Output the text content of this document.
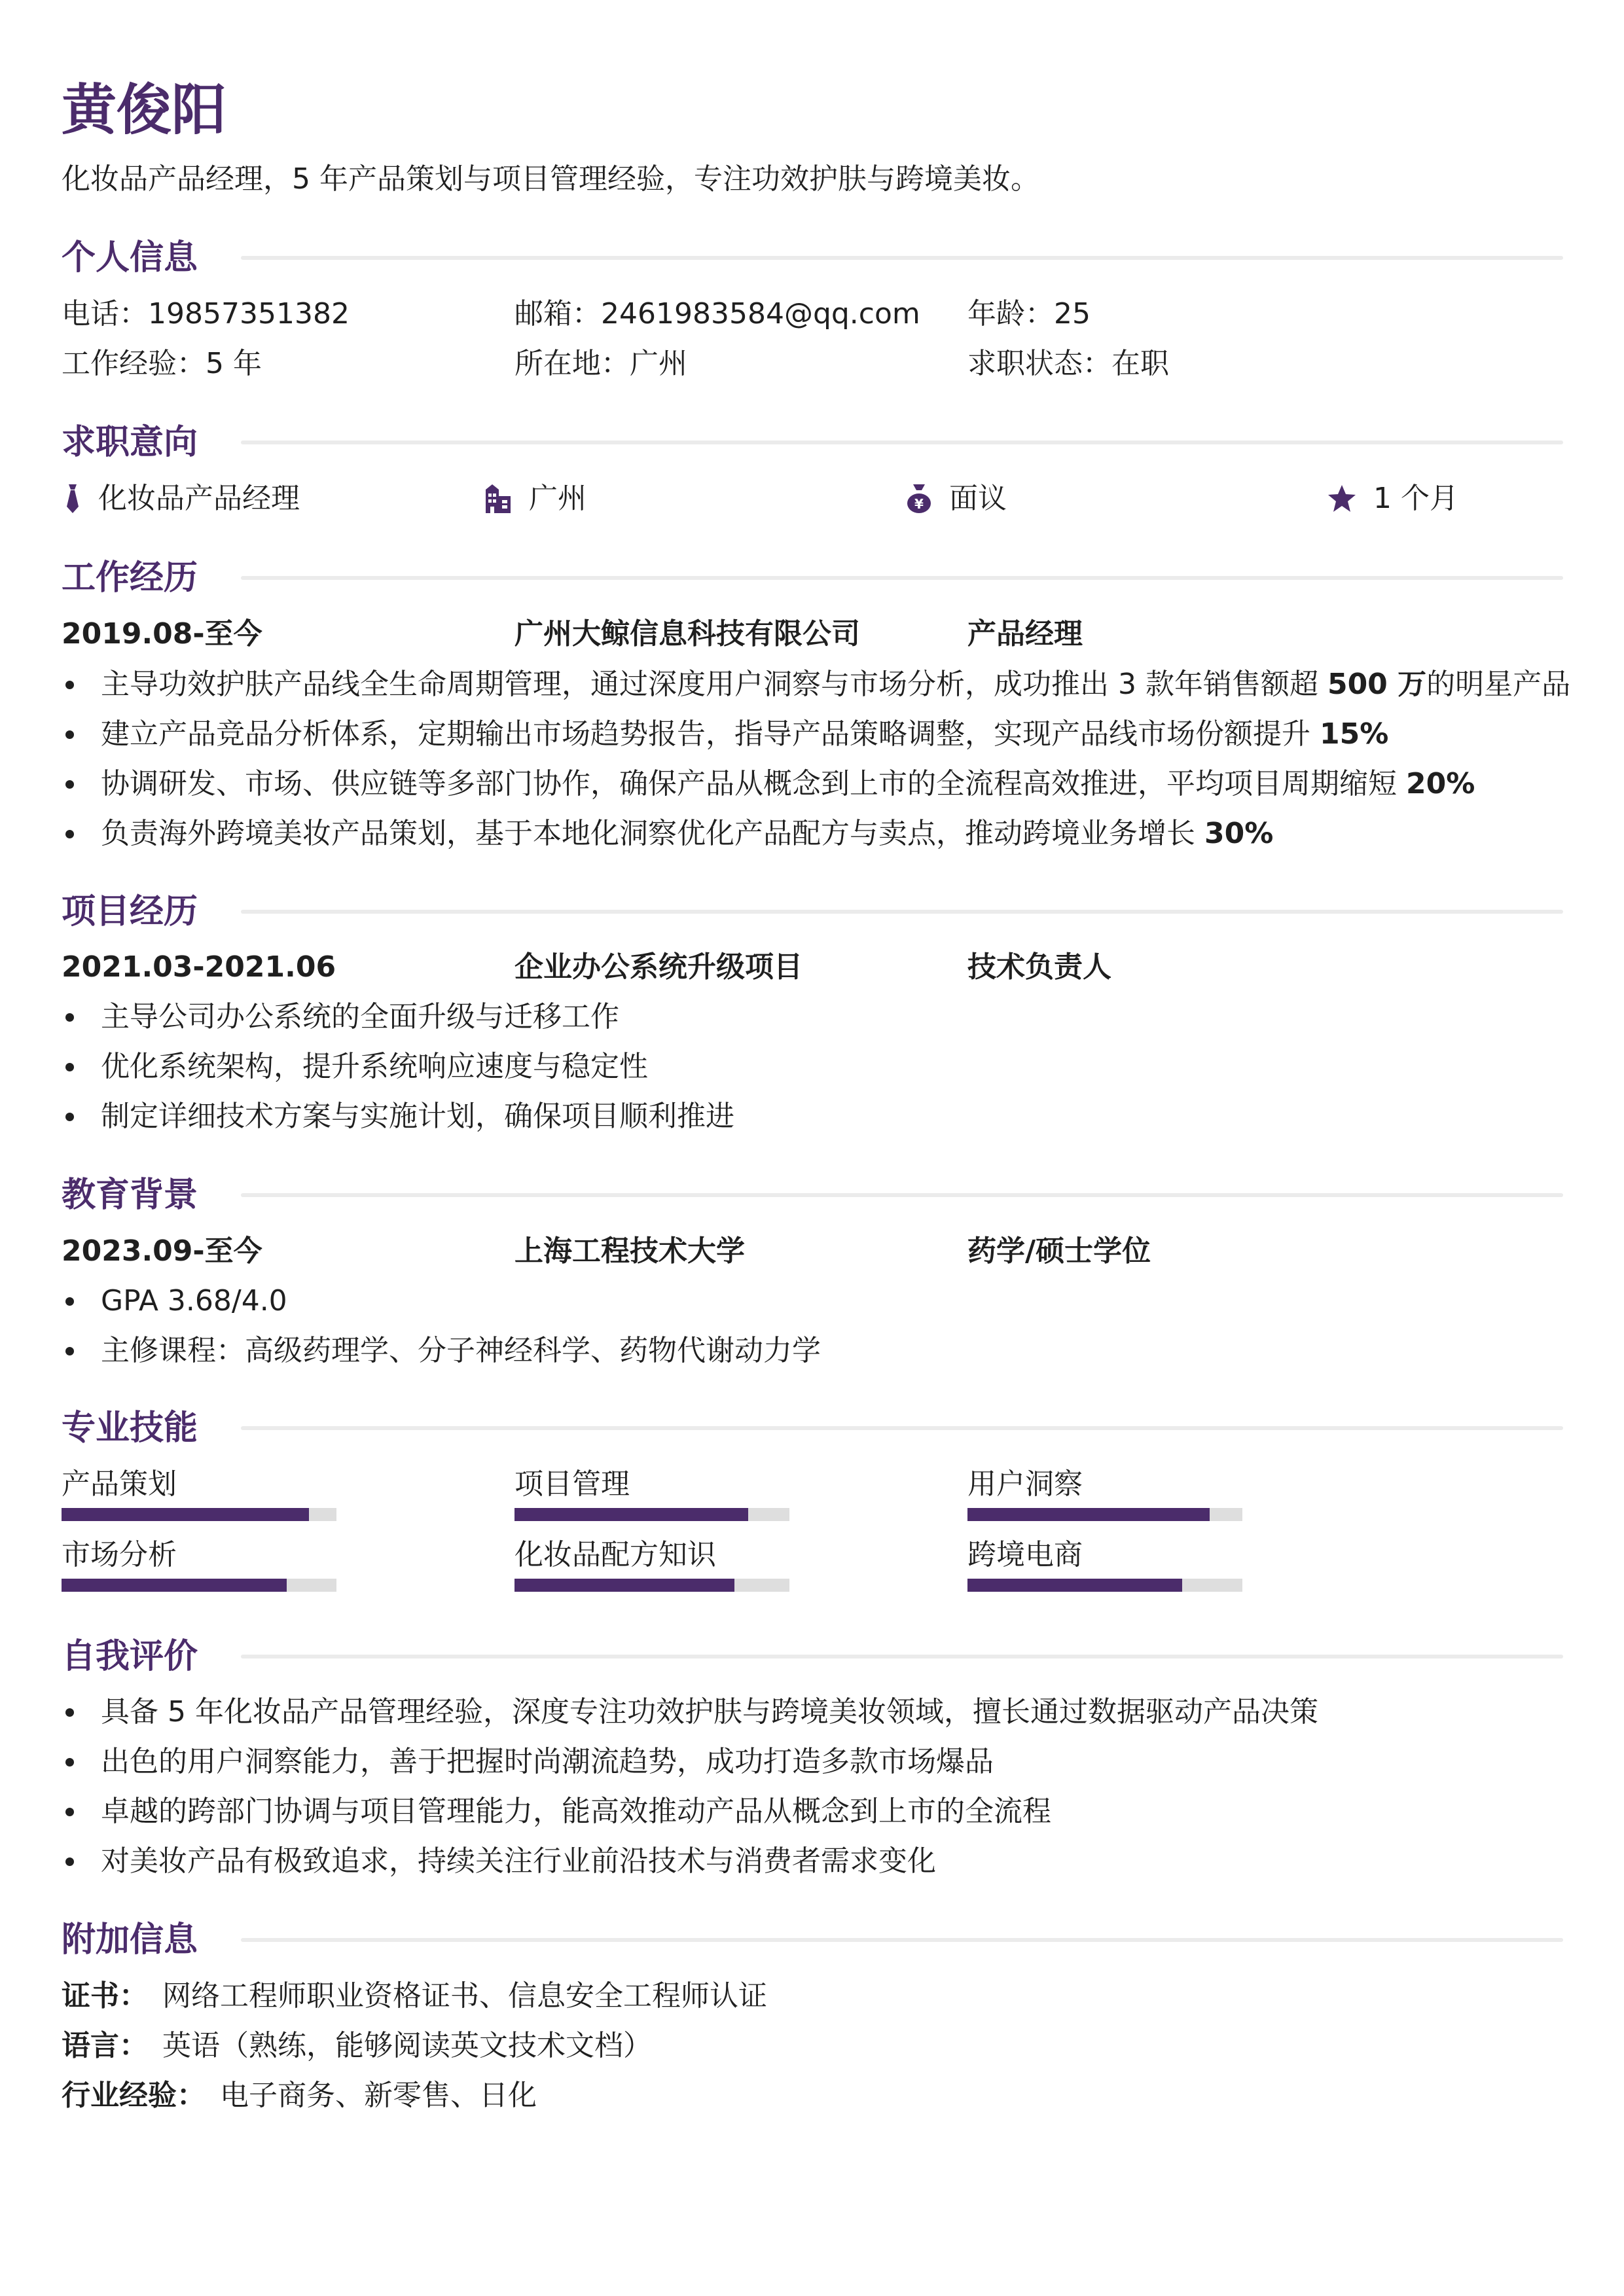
黄俊阳
化妆品产品经理，5 年产品策划与项目管理经验，专注功效护肤与跨境美妆。
个人信息
电话：19857351382	邮箱：2461983584@qq.com 年龄：25
工作经验：5 年	所在地：广州	求职状态：在职
求职意向
化妆品产品经理	广州	¥ 面议	1 个月
工作经历
2019.08-至今	广州大鲸信息科技有限公司	产品经理
主导功效护肤产品线全生命周期管理，通过深度用户洞察与市场分析，成功推出 3 款年销售额超 500 万的明星产品
建立产品竞品分析体系，定期输出市场趋势报告，指导产品策略调整，实现产品线市场份额提升 15%
协调研发、市场、供应链等多部门协作，确保产品从概念到上市的全流程高效推进，平均项目周期缩短 20%
负责海外跨境美妆产品策划，基于本地化洞察优化产品配方与卖点，推动跨境业务增长 30%
项目经历
2021.03-2021.06	企业办公系统升级项目	技术负责人
主导公司办公系统的全面升级与迁移工作
优化系统架构，提升系统响应速度与稳定性
制定详细技术方案与实施计划，确保项目顺利推进
教育背景
2023.09-至今	上海工程技术大学	药学/硕士学位
GPA 3.68/4.0
主修课程：高级药理学、分子神经科学、药物代谢动力学
专业技能
产品策划	项目管理	用户洞察
市场分析	化妆品配方知识	跨境电商
自我评价
具备 5 年化妆品产品管理经验，深度专注功效护肤与跨境美妆领域，擅长通过数据驱动产品决策
出色的用户洞察能力，善于把握时尚潮流趋势，成功打造多款市场爆品
卓越的跨部门协调与项目管理能力，能高效推动产品从概念到上市的全流程
对美妆产品有极致追求，持续关注行业前沿技术与消费者需求变化
附加信息
证书： 网络工程师职业资格证书、信息安全工程师认证
语言： 英语（熟练，能够阅读英文技术文档）
行业经验： 电子商务、新零售、日化
